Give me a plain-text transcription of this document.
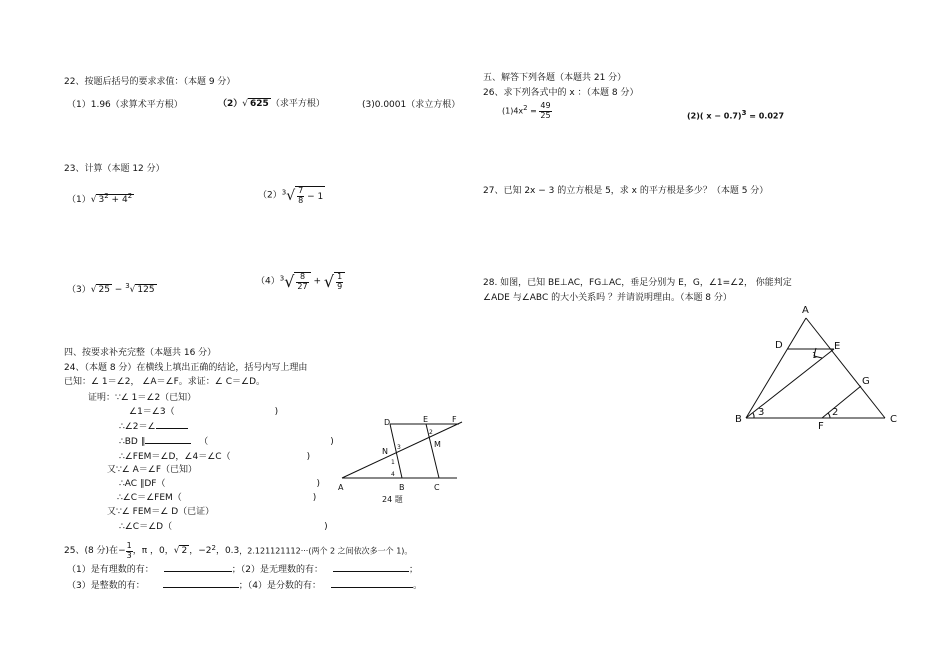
22、按题后括号的要求求值：（本题 9 分）
（1）1.96（求算术平方根）	（2）√ 625 （求平方根）	(3)0.0001（求立方根）
23、计算（本题 12 分）
（1）√ $3^2 + 4^2$	$(2)^3√ \frac{7}{8} - 1$
（3）√ 25 − $^3$√ 125
$(4)^3√ \frac{8}{27}$ + √ $\frac{1}{9}$
四、按要求补充完整（本题共 16 分）
24、（本题 8 分）在横线上填出正确的结论，括号内写上理由
已知：∠ 1＝∠2， ∠A＝∠F。求证：∠ C＝∠D。
证明：∵∠ 1＝∠2（已知）
∠1＝∠3（	)
∴∠2＝∠
∴BD ∥	（	)
∴∠FEM＝∠D，∠4＝∠C（	)
又∵∠ A＝∠F（已知）
∴AC ∥DF（	)
∴∠C＝∠FEM（	)
又∵∠ FEM＝∠ D（已证）
∴∠C＝∠D（	)
D	E	F
N
M
3
2
1
4
A	B	C
24 题
25、(8 分)在− $\frac{1}{3}$ ，π ，0，√ 2 ，$-2^2$，0.3，2.121121112···(两个 2 之间依次多一个 1)。
（1）是有理数的有：	；（2）是无理数的有：	；
（3）是整数的有：	；（4）是分数的有：	。
五、解答下列各题（本题共 21 分）
26、求下列各式中的 x ：（本题 8 分）
$(1)4x^2 = \frac{49}{25}$	(2)( x − 0.7)$^3$ = 0.027
27、已知 2x − 3 的立方根是 5，求 x 的平方根是多少？（本题 5 分）
28. 如图，已知 BE⊥AC，FG⊥AC，垂足分别为 E，G，∠1=∠2， 你能判定
∠ADE 与∠ABC 的大小关系吗 ？并请说明理由。（本题 8 分）
A
D	E
1
G
B
3	2
F
C
